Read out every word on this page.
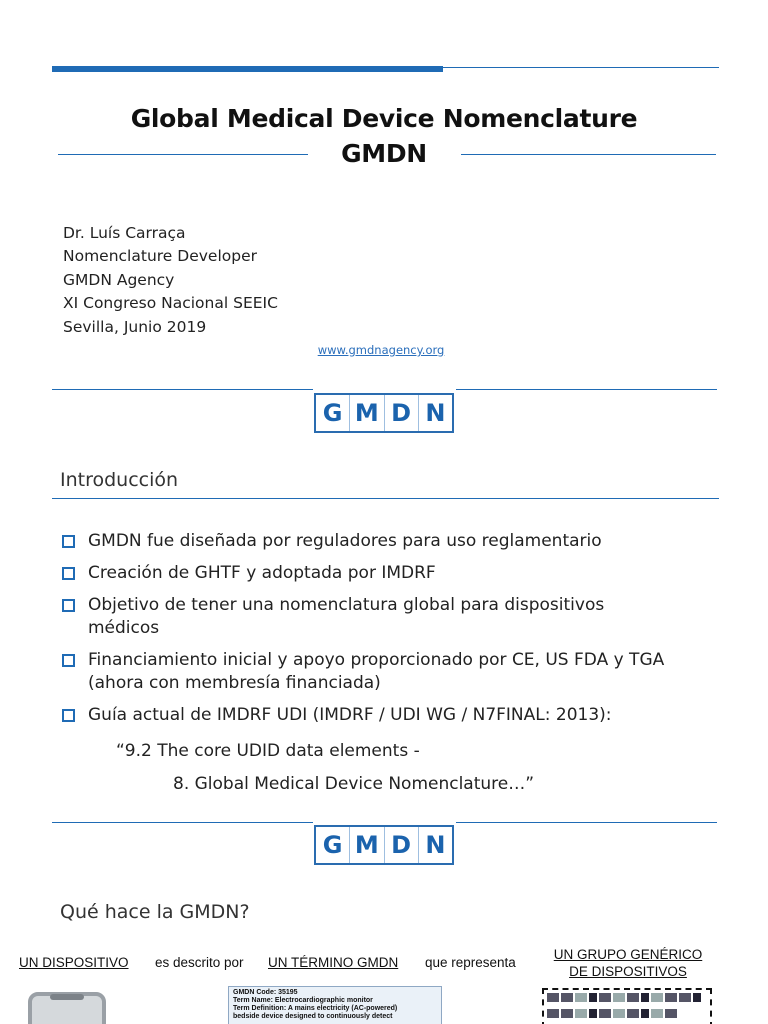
Global Medical Device Nomenclature
GMDN
Dr. Luís Carraça
Nomenclature Developer
GMDN Agency
XI Congreso Nacional SEEIC
Sevilla, Junio 2019
www.gmdnagency.org
G M D N
Introducción
GMDN fue diseñada por reguladores para uso reglamentario
Creación de GHTF y adoptada por IMDRF
Objetivo de tener una nomenclatura global para dispositivos médicos
Financiamiento inicial y apoyo proporcionado por CE, US FDA y TGA (ahora con membresía financiada)
Guía actual de IMDRF UDI (IMDRF / UDI WG / N7FINAL: 2013):
“9.2 The core UDID data elements -
8. Global Medical Device Nomenclature…”
G M D N
Qué hace la GMDN?
UN DISPOSITIVO es descrito por UN TÉRMINO GMDN que representa
UN GRUPO GENÉRICO
DE DISPOSITIVOS
GMDN Code: 35195
Term Name: Electrocardiographic monitor
Term Definition: A mains electricity (AC-powered)
bedside device designed to continuously detect
